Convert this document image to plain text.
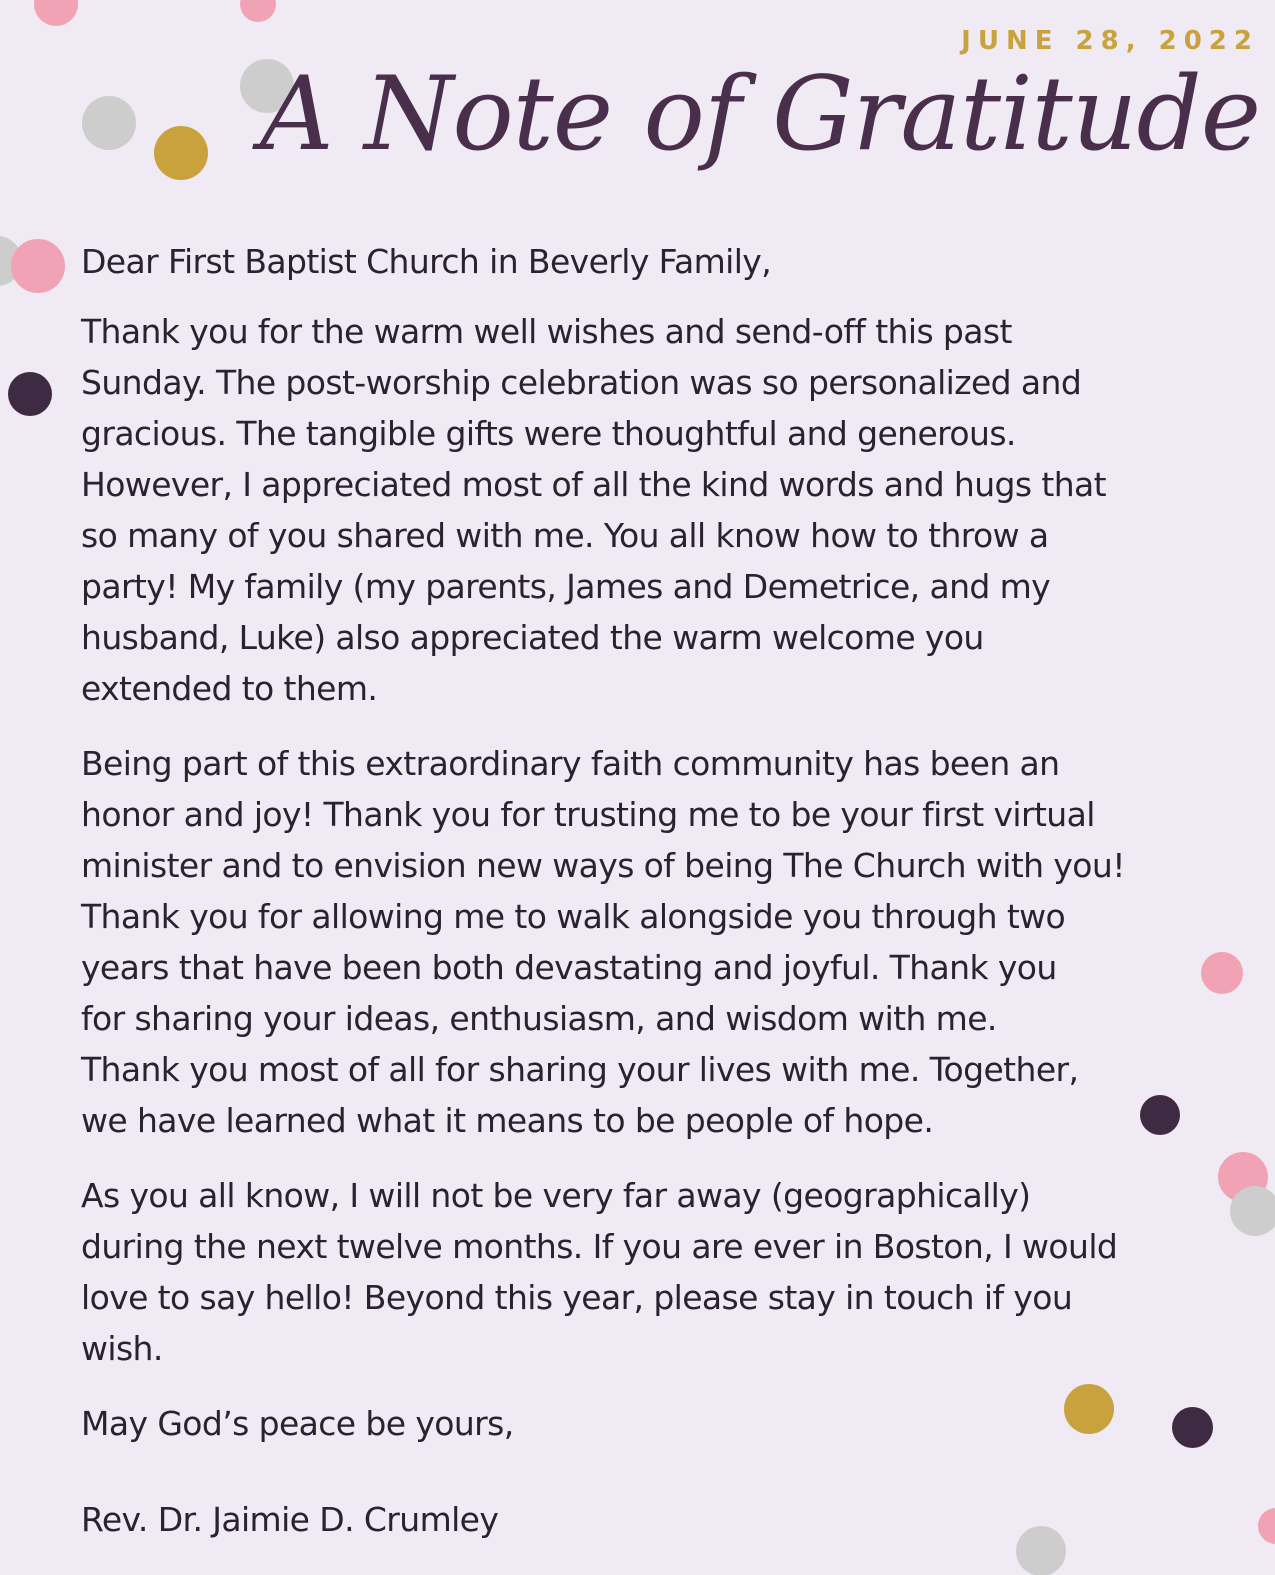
JUNE 28, 2022
A Note of Gratitude

Dear First Baptist Church in Beverly Family,

Thank you for the warm well wishes and send-off this past
Sunday. The post-worship celebration was so personalized and
gracious. The tangible gifts were thoughtful and generous.
However, I appreciated most of all the kind words and hugs that
so many of you shared with me. You all know how to throw a
party! My family (my parents, James and Demetrice, and my
husband, Luke) also appreciated the warm welcome you
extended to them.

Being part of this extraordinary faith community has been an
honor and joy! Thank you for trusting me to be your first virtual
minister and to envision new ways of being The Church with you!
Thank you for allowing me to walk alongside you through two
years that have been both devastating and joyful. Thank you
for sharing your ideas, enthusiasm, and wisdom with me.
Thank you most of all for sharing your lives with me. Together,
we have learned what it means to be people of hope.

As you all know, I will not be very far away (geographically)
during the next twelve months. If you are ever in Boston, I would
love to say hello! Beyond this year, please stay in touch if you
wish.

May God’s peace be yours,

Rev. Dr. Jaimie D. Crumley
